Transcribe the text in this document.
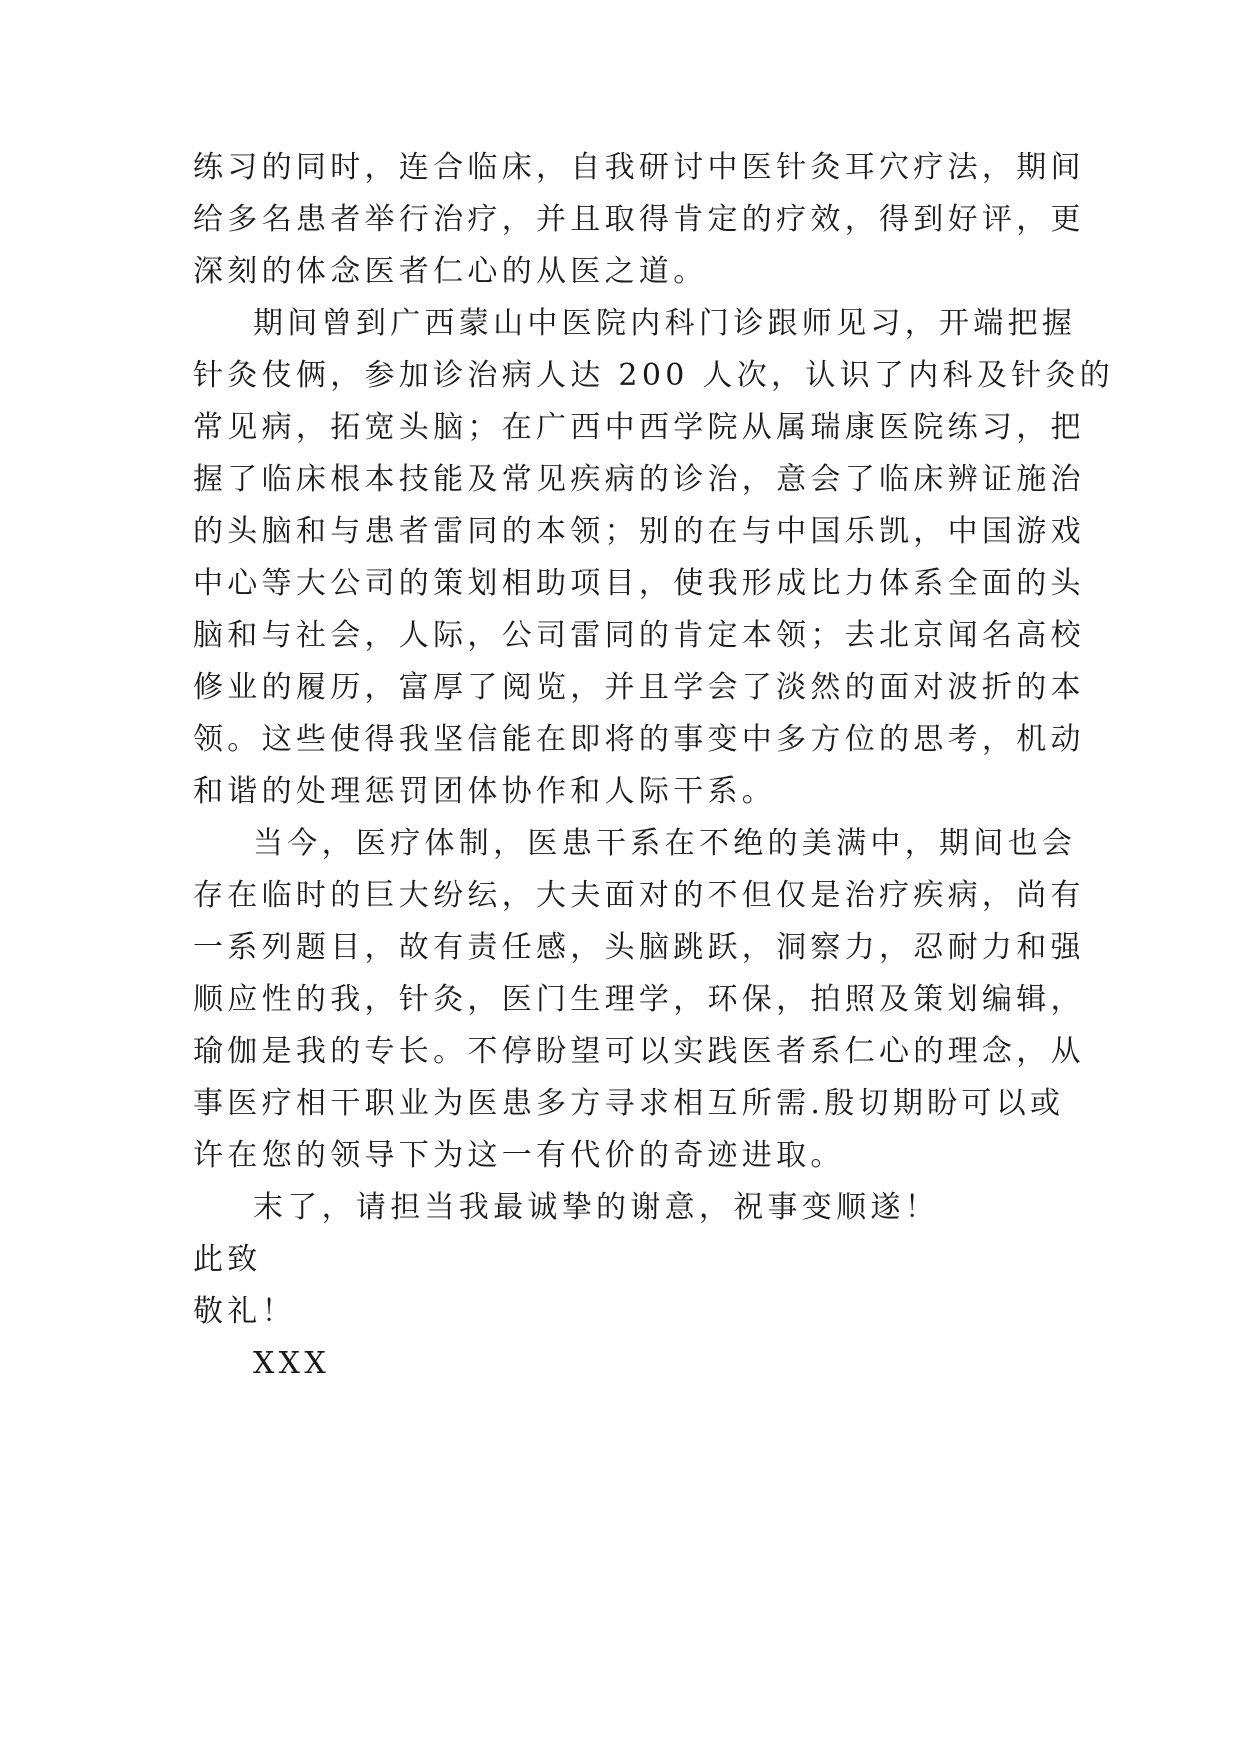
练习的同时，连合临床，自我研讨中医针灸耳穴疗法，期间
给多名患者举行治疗，并且取得肯定的疗效，得到好评，更
深刻的体念医者仁心的从医之道。
期间曾到广西蒙山中医院内科门诊跟师见习，开端把握
针灸伎俩，参加诊治病人达 200 人次，认识了内科及针灸的
常见病，拓宽头脑；在广西中西学院从属瑞康医院练习，把
握了临床根本技能及常见疾病的诊治，意会了临床辨证施治
的头脑和与患者雷同的本领；别的在与中国乐凯，中国游戏
中心等大公司的策划相助项目，使我形成比力体系全面的头
脑和与社会，人际，公司雷同的肯定本领；去北京闻名高校
修业的履历，富厚了阅览，并且学会了淡然的面对波折的本
领。这些使得我坚信能在即将的事变中多方位的思考，机动
和谐的处理惩罚团体协作和人际干系。
当今，医疗体制，医患干系在不绝的美满中，期间也会
存在临时的巨大纷纭，大夫面对的不但仅是治疗疾病，尚有
一系列题目，故有责任感，头脑跳跃，洞察力，忍耐力和强
顺应性的我，针灸，医门生理学，环保，拍照及策划编辑，
瑜伽是我的专长。不停盼望可以实践医者系仁心的理念，从
事医疗相干职业为医患多方寻求相互所需.殷切期盼可以或
许在您的领导下为这一有代价的奇迹进取。
末了，请担当我最诚挚的谢意，祝事变顺遂！
此致
敬礼！
XXX
